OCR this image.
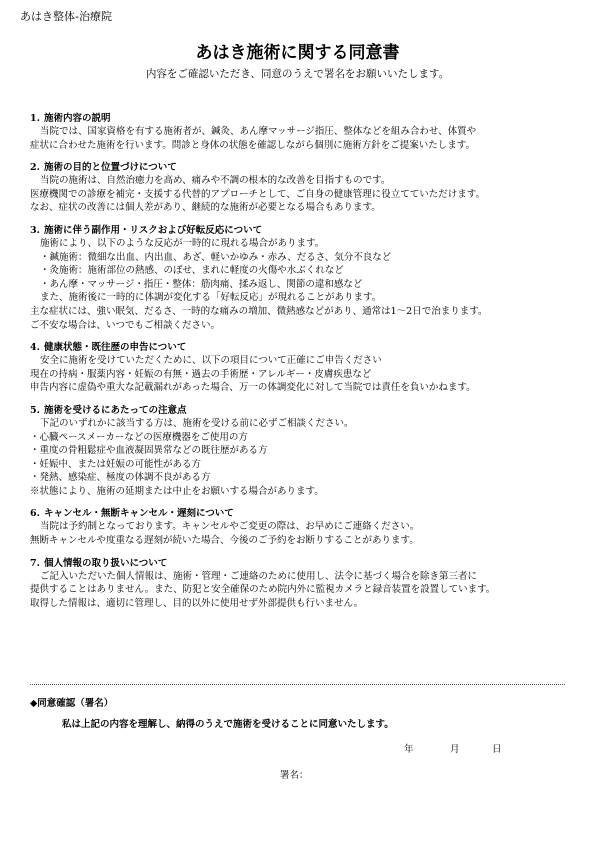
あはき整体-治療院
あはき施術に関する同意書
内容をご確認いただき、同意のうえで署名をお願いいたします。
1. 施術内容の説明
当院では、国家資格を有する施術者が、鍼灸、あん摩マッサージ指圧、整体などを組み合わせ、体質や
症状に合わせた施術を行います。問診と身体の状態を確認しながら個別に施術方針をご提案いたします。
2. 施術の目的と位置づけについて
当院の施術は、自然治癒力を高め、痛みや不調の根本的な改善を目指すものです。
医療機関での診療を補完・支援する代替的アプローチとして、ご自身の健康管理に役立てていただけます。
なお、症状の改善には個人差があり、継続的な施術が必要となる場合もあります。
3. 施術に伴う副作用・リスクおよび好転反応について
施術により、以下のような反応が一時的に現れる場合があります。
・鍼施術：微細な出血、内出血、あざ、軽いかゆみ・赤み、だるさ、気分不良など
・灸施術：施術部位の熱感、のぼせ、まれに軽度の火傷や水ぶくれなど
・あん摩・マッサージ・指圧・整体：筋肉痛、揉み返し、関節の違和感など
また、施術後に一時的に体調が変化する「好転反応」が現れることがあります。
主な症状には、強い眠気、だるさ、一時的な痛みの増加、微熱感などがあり、通常は1〜2日で治まります。
ご不安な場合は、いつでもご相談ください。
4. 健康状態・既往歴の申告について
安全に施術を受けていただくために、以下の項目について正確にご申告ください
現在の持病・服薬内容・妊娠の有無・過去の手術歴・アレルギー・皮膚疾患など
申告内容に虚偽や重大な記載漏れがあった場合、万一の体調変化に対して当院では責任を負いかねます。
5. 施術を受けるにあたっての注意点
下記のいずれかに該当する方は、施術を受ける前に必ずご相談ください。
・心臓ペースメーカーなどの医療機器をご使用の方
・重度の骨粗鬆症や血液凝固異常などの既往歴がある方
・妊娠中、または妊娠の可能性がある方
・発熱、感染症、極度の体調不良がある方
※状態により、施術の延期または中止をお願いする場合があります。
6. キャンセル・無断キャンセル・遅刻について
当院は予約制となっております。キャンセルやご変更の際は、お早めにご連絡ください。
無断キャンセルや度重なる遅刻が続いた場合、今後のご予約をお断りすることがあります。
7. 個人情報の取り扱いについて
ご記入いただいた個人情報は、施術・管理・ご連絡のために使用し、法令に基づく場合を除き第三者に
提供することはありません。また、防犯と安全確保のため院内外に監視カメラと録音装置を設置しています。
取得した情報は、適切に管理し、目的以外に使用せず外部提供も行いません。
◆同意確認（署名）
私は上記の内容を理解し、納得のうえで施術を受けることに同意いたします。
年	月	日
署名：
